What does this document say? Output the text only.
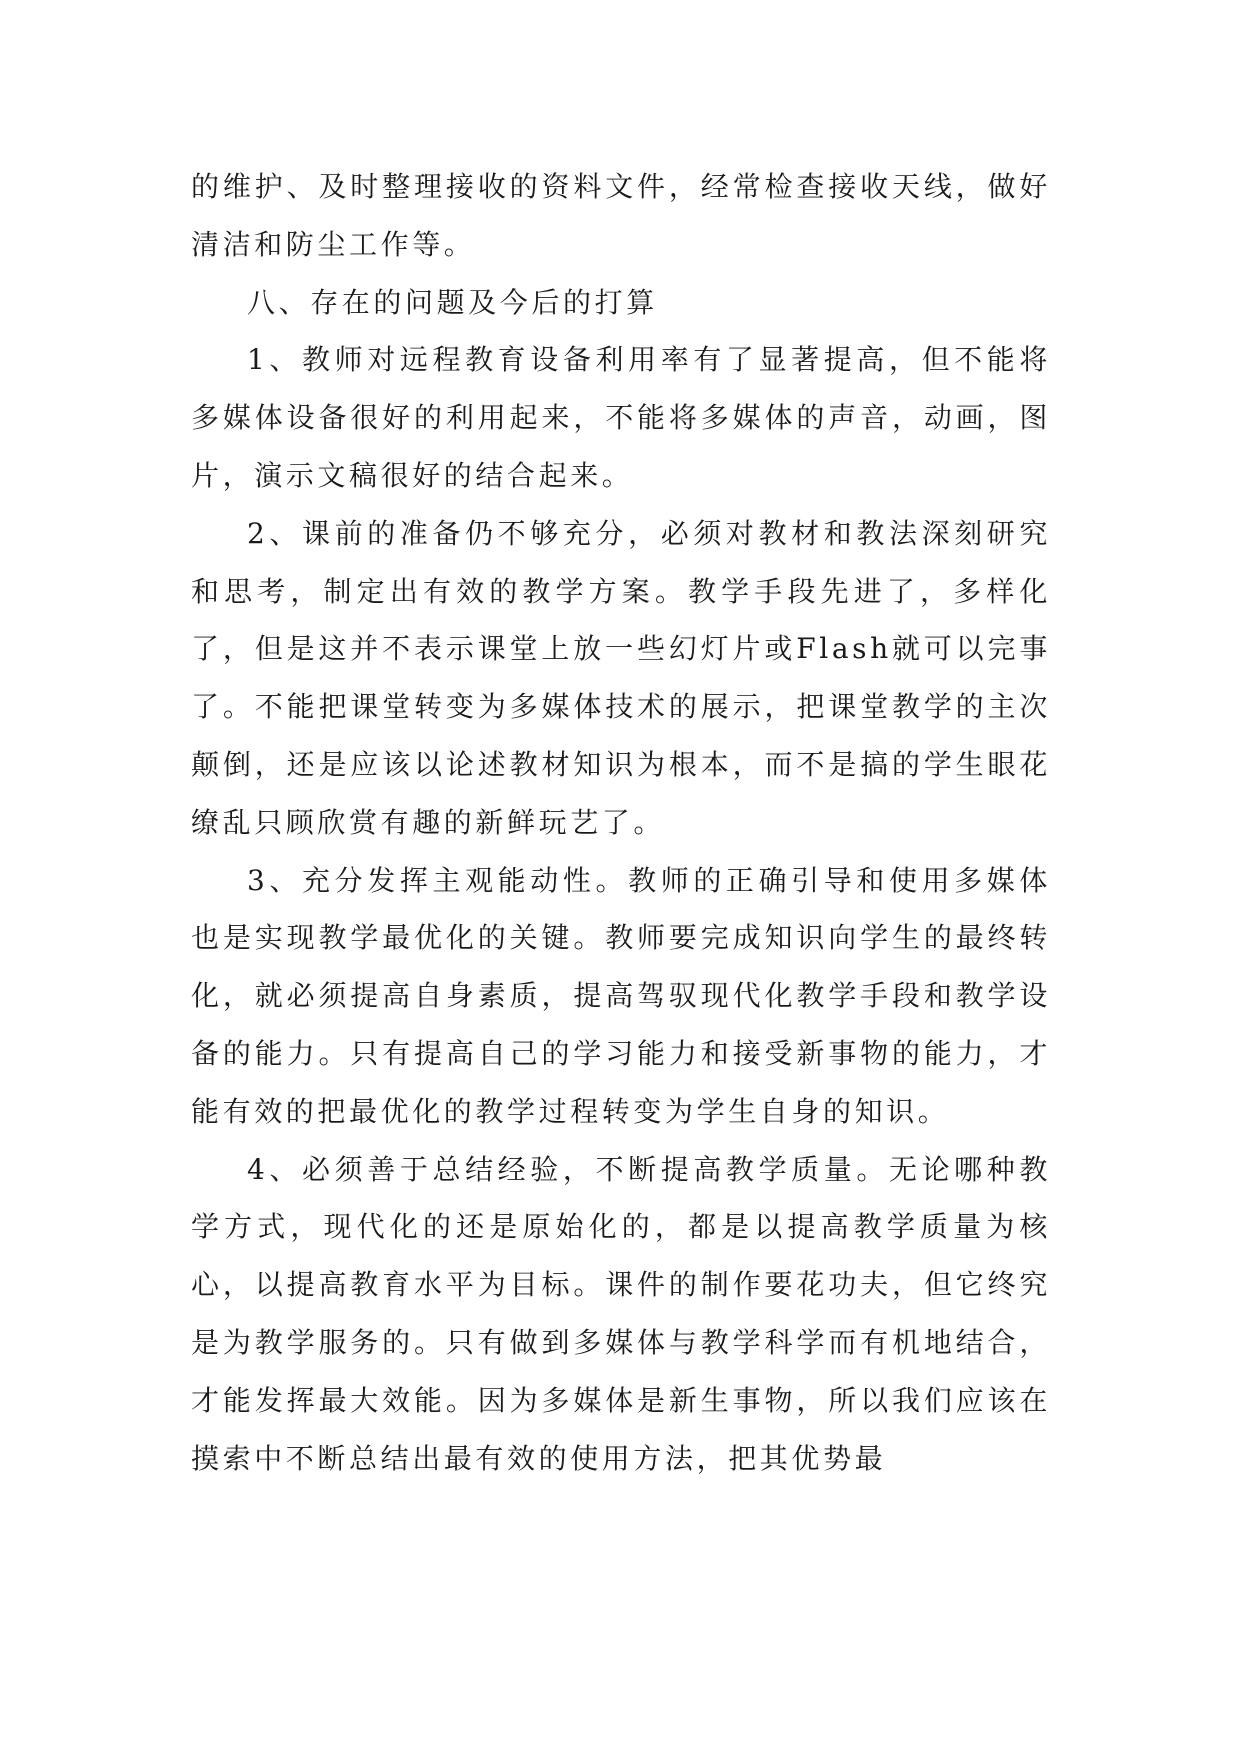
的维护、及时整理接收的资料文件，经常检查接收天线，做好清洁和防尘工作等。

八、存在的问题及今后的打算

1、教师对远程教育设备利用率有了显著提高，但不能将多媒体设备很好的利用起来，不能将多媒体的声音，动画，图片，演示文稿很好的结合起来。

2、课前的准备仍不够充分，必须对教材和教法深刻研究和思考，制定出有效的教学方案。教学手段先进了，多样化了，但是这并不表示课堂上放一些幻灯片或Flash就可以完事了。不能把课堂转变为多媒体技术的展示，把课堂教学的主次颠倒，还是应该以论述教材知识为根本，而不是搞的学生眼花缭乱只顾欣赏有趣的新鲜玩艺了。

3、充分发挥主观能动性。教师的正确引导和使用多媒体也是实现教学最优化的关键。教师要完成知识向学生的最终转化，就必须提高自身素质，提高驾驭现代化教学手段和教学设备的能力。只有提高自己的学习能力和接受新事物的能力，才能有效的把最优化的教学过程转变为学生自身的知识。

4、必须善于总结经验，不断提高教学质量。无论哪种教学方式，现代化的还是原始化的，都是以提高教学质量为核心，以提高教育水平为目标。课件的制作要花功夫，但它终究是为教学服务的。只有做到多媒体与教学科学而有机地结合，才能发挥最大效能。因为多媒体是新生事物，所以我们应该在摸索中不断总结出最有效的使用方法，把其优势最
